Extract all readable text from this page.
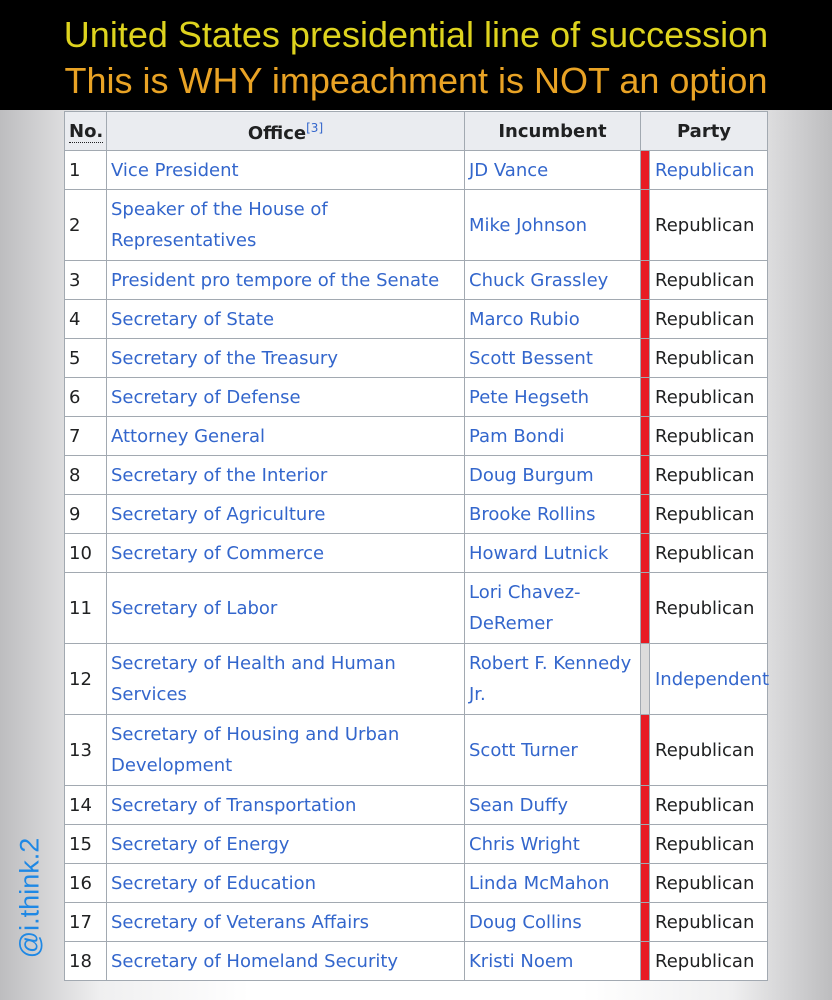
United States presidential line of succession
This is WHY impeachment is NOT an option
No.	Office[3]	Incumbent	Party	
1	Vice President	JD Vance		Republican
2	Speaker of the House of Representatives	Mike Johnson		Republican
3	President pro tempore of the Senate	Chuck Grassley		Republican
4	Secretary of State	Marco Rubio		Republican
5	Secretary of the Treasury	Scott Bessent		Republican
6	Secretary of Defense	Pete Hegseth		Republican
7	Attorney General	Pam Bondi		Republican
8	Secretary of the Interior	Doug Burgum		Republican
9	Secretary of Agriculture	Brooke Rollins		Republican
10	Secretary of Commerce	Howard Lutnick		Republican
11	Secretary of Labor	Lori Chavez-DeRemer		Republican
12	Secretary of Health and Human Services	Robert F. Kennedy Jr.		Independent
13	Secretary of Housing and Urban Development	Scott Turner		Republican
14	Secretary of Transportation	Sean Duffy		Republican
15	Secretary of Energy	Chris Wright		Republican
16	Secretary of Education	Linda McMahon		Republican
17	Secretary of Veterans Affairs	Doug Collins		Republican
18	Secretary of Homeland Security	Kristi Noem		Republican
@i.think.2
